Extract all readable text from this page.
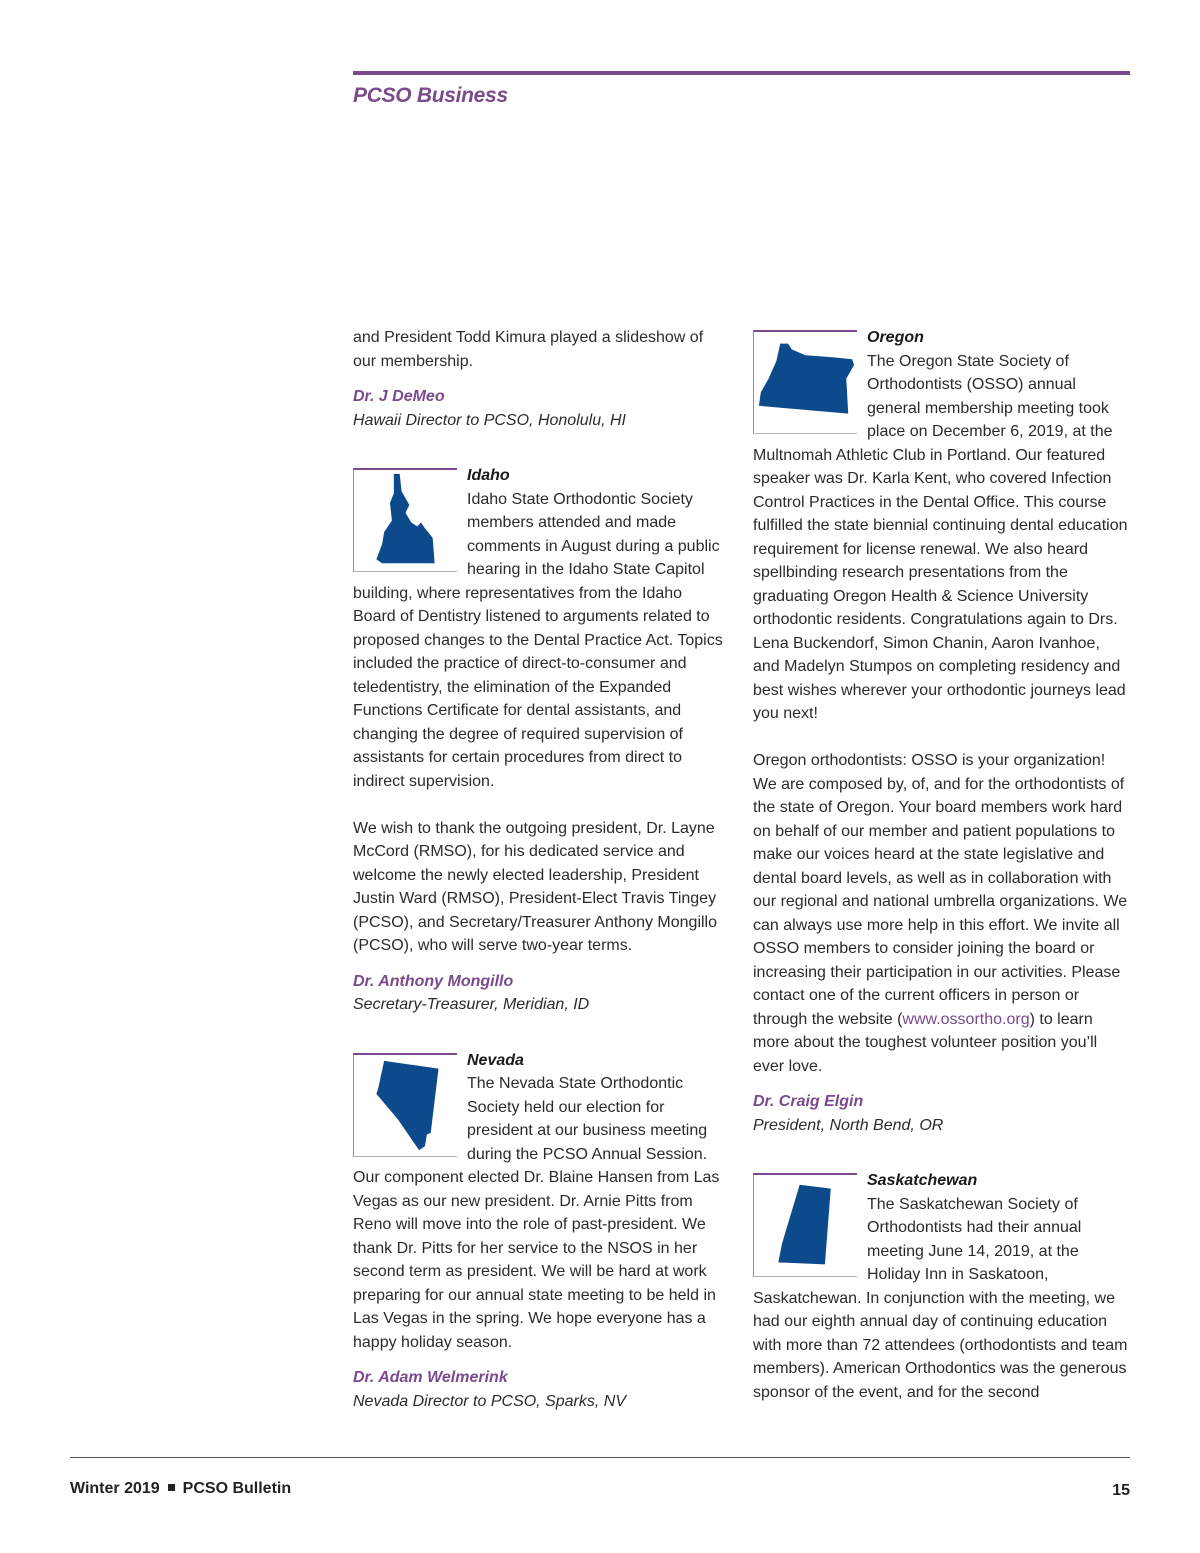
PCSO Business

and President Todd Kimura played a slideshow of our membership.

Dr. J DeMeo

Hawaii Director to PCSO, Honolulu, HI

Idaho

Idaho State Orthodontic Society members attended and made comments in August during a public hearing in the Idaho State Capitol building, where representatives from the Idaho Board of Dentistry listened to arguments related to proposed changes to the Dental Practice Act. Topics included the practice of direct-to-consumer and teledentistry, the elimination of the Expanded Functions Certificate for dental assistants, and changing the degree of required supervision of assistants for certain procedures from direct to indirect supervision.

We wish to thank the outgoing president, Dr. Layne McCord (RMSO), for his dedicated service and welcome the newly elected leadership, President Justin Ward (RMSO), President-Elect Travis Tingey (PCSO), and Secretary/Treasurer Anthony Mongillo (PCSO), who will serve two-year terms.

Dr. Anthony Mongillo

Secretary-Treasurer, Meridian, ID

Nevada

The Nevada State Orthodontic Society held our election for president at our business meeting during the PCSO Annual Session. Our component elected Dr. Blaine Hansen from Las Vegas as our new president. Dr. Arnie Pitts from Reno will move into the role of past-president. We thank Dr. Pitts for her service to the NSOS in her second term as president. We will be hard at work preparing for our annual state meeting to be held in Las Vegas in the spring. We hope everyone has a happy holiday season.

Dr. Adam Welmerink

Nevada Director to PCSO, Sparks, NV

Oregon

The Oregon State Society of Orthodontists (OSSO) annual general membership meeting took place on December 6, 2019, at the Multnomah Athletic Club in Portland. Our featured speaker was Dr. Karla Kent, who covered Infection Control Practices in the Dental Office. This course fulfilled the state biennial continuing dental education requirement for license renewal. We also heard spellbinding research presentations from the graduating Oregon Health & Science University orthodontic residents. Congratulations again to Drs. Lena Buckendorf, Simon Chanin, Aaron Ivanhoe, and Madelyn Stumpos on completing residency and best wishes wherever your orthodontic journeys lead you next!

Oregon orthodontists: OSSO is your organization! We are composed by, of, and for the orthodontists of the state of Oregon. Your board members work hard on behalf of our member and patient populations to make our voices heard at the state legislative and dental board levels, as well as in collaboration with our regional and national umbrella organizations. We can always use more help in this effort. We invite all OSSO members to consider joining the board or increasing their participation in our activities. Please contact one of the current officers in person or through the website (www.ossortho.org) to learn more about the toughest volunteer position you’ll ever love.

Dr. Craig Elgin

President, North Bend, OR

Saskatchewan

The Saskatchewan Society of Orthodontists had their annual meeting June 14, 2019, at the Holiday Inn in Saskatoon, Saskatchewan. In conjunction with the meeting, we had our eighth annual day of continuing education with more than 72 attendees (orthodontists and team members). American Orthodontics was the generous sponsor of the event, and for the second

Winter 2019 PCSO Bulletin	15
